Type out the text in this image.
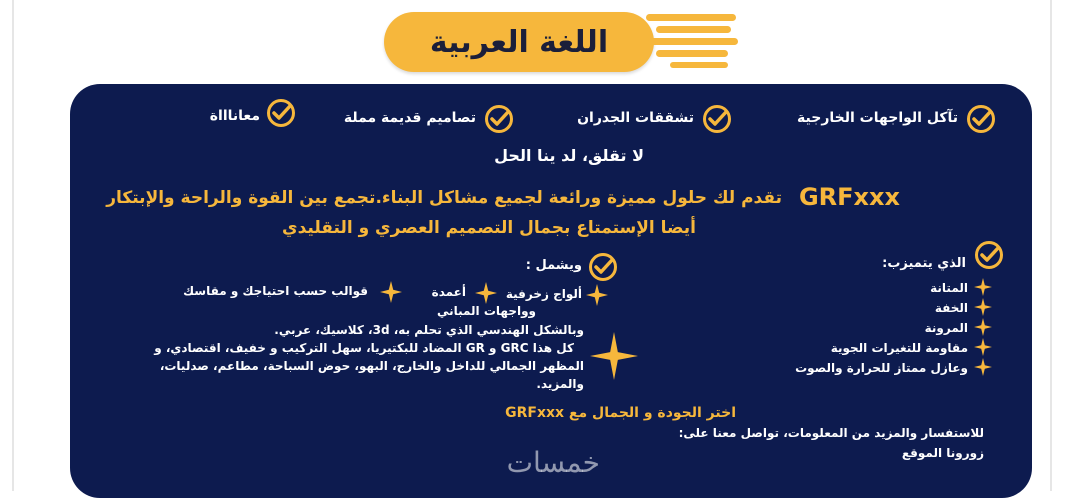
اللغة العربية
تآكل الواجهات الخارجية
تشققات الجدران
تصاميم قديمة مملة
معاناااة
لا تقلق، لد ينا الحل
GRFxxx
تقدم لك حلول مميزة ورائعة لجميع مشاكل البناء.تجمع بين القوة والراحة والإبتكار
أيضا الإستمتاع بجمال التصميم العصري و التقليدي
الذي يتميزب:
المتانة
الخفة
المرونة
مقاومة للتغيرات الجوية
وعازل ممتاز للحرارة والصوت
ويشمل :
ألواج زخرفية
أعمدة
قوالب حسب احتياجك و مقاسك
وواجهات المباني
وبالشكل الهندسي الذي تحلم به، 3d، كلاسيك، عربي.
كل هذا GRC و GR المضاد للبكتيريا، سهل التركيب و خفيف، اقتصادي، و
المظهر الجمالي للداخل والخارج، البهو، حوض السباحة، مطاعم، صدليات،
والمزيد.
اختر الجودة و الجمال مع GRFxxx
للاستفسار والمزيد من المعلومات، تواصل معنا على:
زورونا الموقع
خمسات
